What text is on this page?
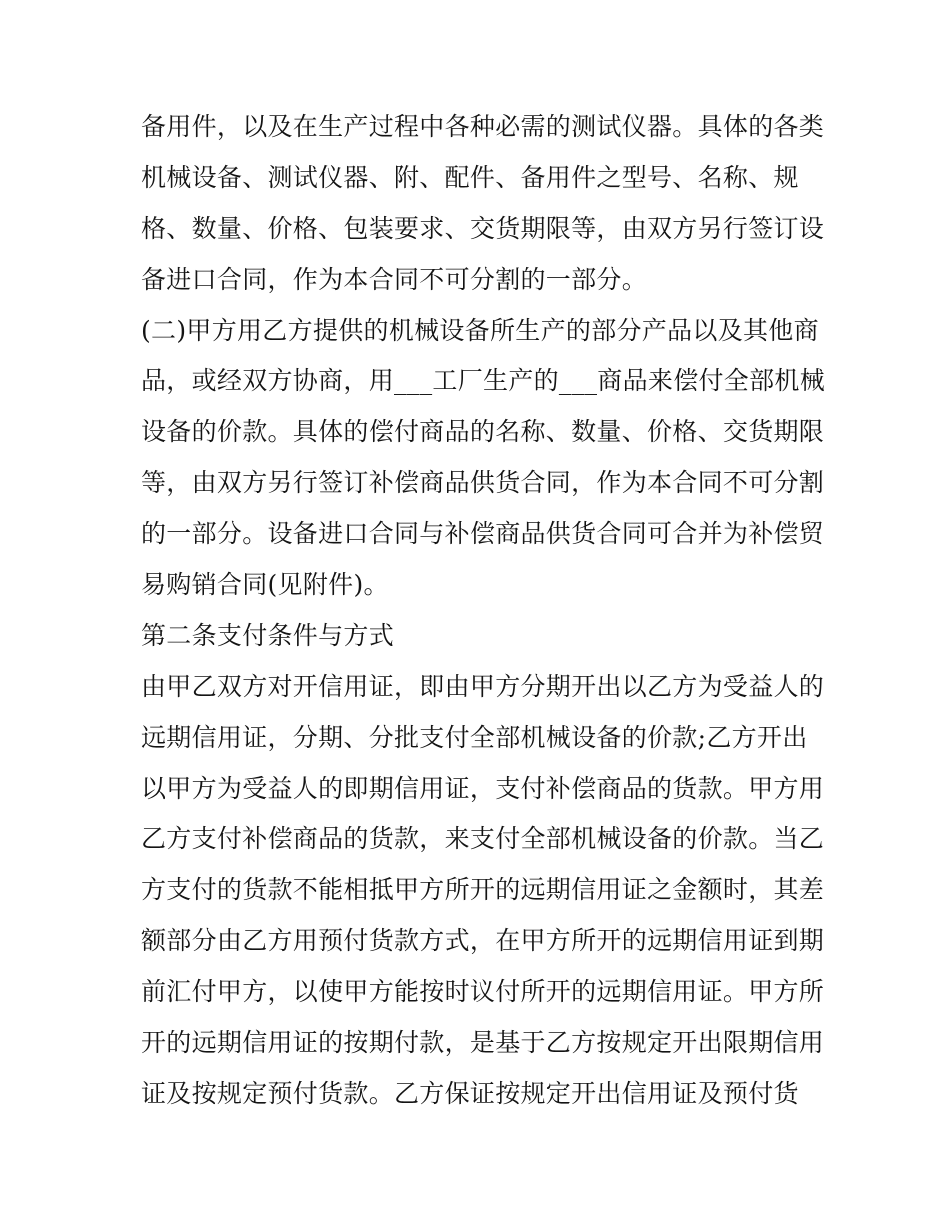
备用件，以及在生产过程中各种必需的测试仪器。具体的各类
机械设备、测试仪器、附、配件、备用件之型号、名称、规
格、数量、价格、包装要求、交货期限等，由双方另行签订设
备进口合同，作为本合同不可分割的一部分。
(二)甲方用乙方提供的机械设备所生产的部分产品以及其他商
品，或经双方协商，用___工厂生产的___商品来偿付全部机械
设备的价款。具体的偿付商品的名称、数量、价格、交货期限
等，由双方另行签订补偿商品供货合同，作为本合同不可分割
的一部分。设备进口合同与补偿商品供货合同可合并为补偿贸
易购销合同(见附件)。
第二条支付条件与方式
由甲乙双方对开信用证，即由甲方分期开出以乙方为受益人的
远期信用证，分期、分批支付全部机械设备的价款;乙方开出
以甲方为受益人的即期信用证，支付补偿商品的货款。甲方用
乙方支付补偿商品的货款，来支付全部机械设备的价款。当乙
方支付的货款不能相抵甲方所开的远期信用证之金额时，其差
额部分由乙方用预付货款方式，在甲方所开的远期信用证到期
前汇付甲方，以使甲方能按时议付所开的远期信用证。甲方所
开的远期信用证的按期付款，是基于乙方按规定开出限期信用
证及按规定预付货款。乙方保证按规定开出信用证及预付货
